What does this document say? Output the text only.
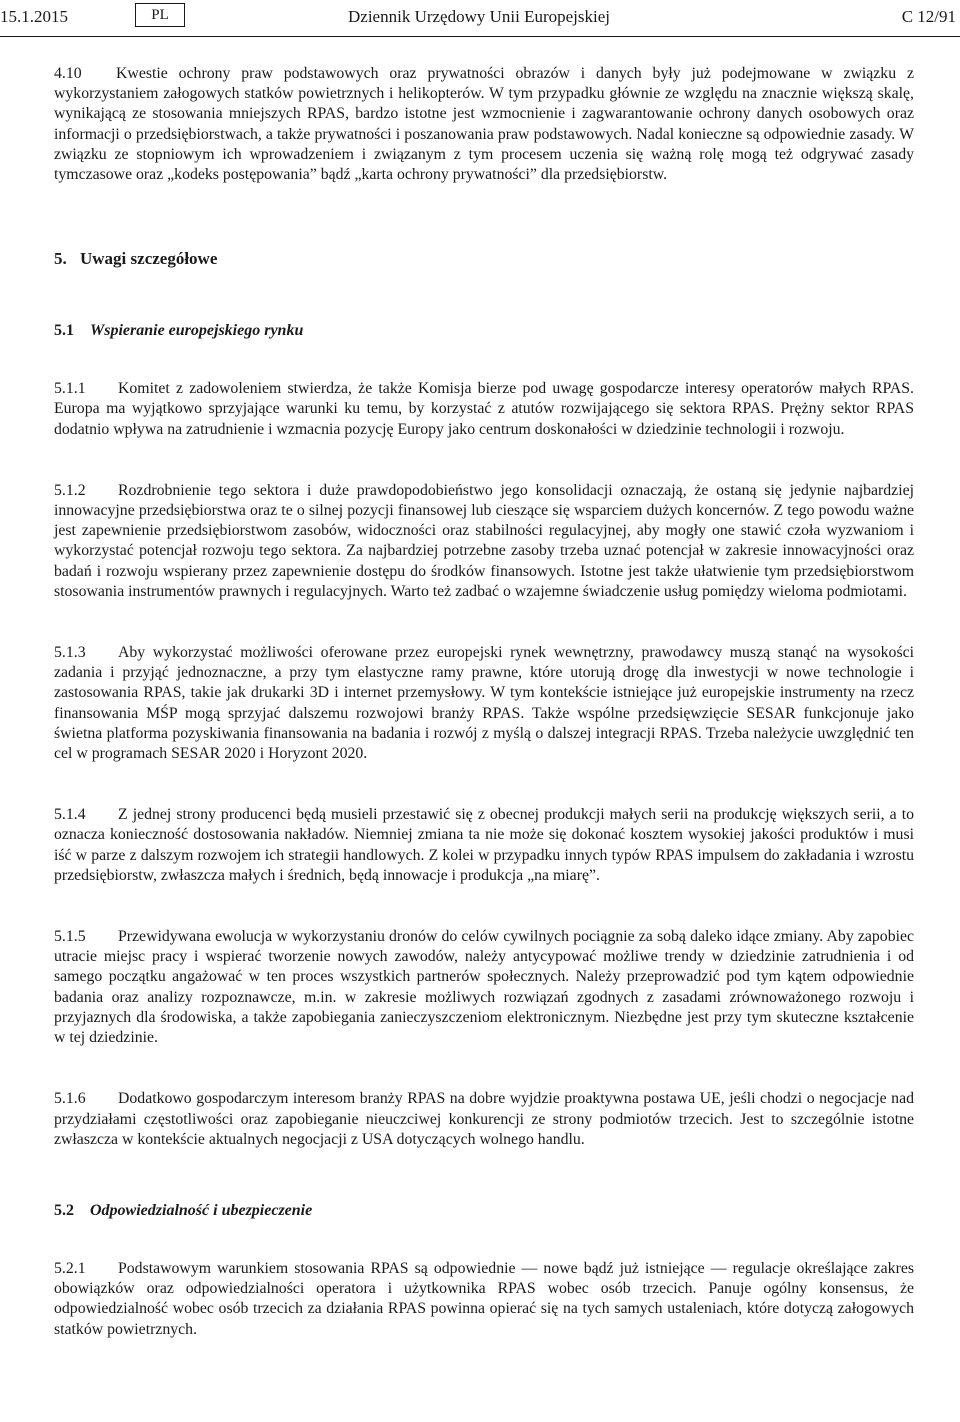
15.1.2015	PL	Dziennik Urzędowy Unii Europejskiej	C 12/91

4.10 Kwestie ochrony praw podstawowych oraz prywatności obrazów i danych były już podejmowane w związku z wykorzystaniem załogowych statków powietrznych i helikopterów. W tym przypadku głównie ze względu na znacznie większą skalę, wynikającą ze stosowania mniejszych RPAS, bardzo istotne jest wzmocnienie i zagwarantowanie ochrony danych osobowych oraz informacji o przedsiębiorstwach, a także prywatności i poszanowania praw podstawowych. Nadal konieczne są odpowiednie zasady. W związku ze stopniowym ich wprowadzeniem i związanym z tym procesem uczenia się ważną rolę mogą też odgrywać zasady tymczasowe oraz „kodeks postępowania” bądź „karta ochrony prywatności” dla przedsiębiorstw.

5. Uwagi szczegółowe
5.1 Wspieranie europejskiego rynku

5.1.1 Komitet z zadowoleniem stwierdza, że także Komisja bierze pod uwagę gospodarcze interesy operatorów małych RPAS. Europa ma wyjątkowo sprzyjające warunki ku temu, by korzystać z atutów rozwijającego się sektora RPAS. Prężny sektor RPAS dodatnio wpływa na zatrudnienie i wzmacnia pozycję Europy jako centrum doskonałości w dziedzinie technologii i rozwoju.

5.1.2 Rozdrobnienie tego sektora i duże prawdopodobieństwo jego konsolidacji oznaczają, że ostaną się jedynie najbardziej innowacyjne przedsiębiorstwa oraz te o silnej pozycji finansowej lub cieszące się wsparciem dużych koncernów. Z tego powodu ważne jest zapewnienie przedsiębiorstwom zasobów, widoczności oraz stabilności regulacyjnej, aby mogły one stawić czoła wyzwaniom i wykorzystać potencjał rozwoju tego sektora. Za najbardziej potrzebne zasoby trzeba uznać potencjał w zakresie innowacyjności oraz badań i rozwoju wspierany przez zapewnienie dostępu do środków finansowych. Istotne jest także ułatwienie tym przedsiębiorstwom stosowania instrumentów prawnych i regulacyjnych. Warto też zadbać o wzajemne świadczenie usług pomiędzy wieloma podmiotami.

5.1.3 Aby wykorzystać możliwości oferowane przez europejski rynek wewnętrzny, prawodawcy muszą stanąć na wysokości zadania i przyjąć jednoznaczne, a przy tym elastyczne ramy prawne, które utorują drogę dla inwestycji w nowe technologie i zastosowania RPAS, takie jak drukarki 3D i internet przemysłowy. W tym kontekście istniejące już europejskie instrumenty na rzecz finansowania MŚP mogą sprzyjać dalszemu rozwojowi branży RPAS. Także wspólne przedsięwzięcie SESAR funkcjonuje jako świetna platforma pozyskiwania finansowania na badania i rozwój z myślą o dalszej integracji RPAS. Trzeba należycie uwzględnić ten cel w programach SESAR 2020 i Horyzont 2020.

5.1.4 Z jednej strony producenci będą musieli przestawić się z obecnej produkcji małych serii na produkcję większych serii, a to oznacza konieczność dostosowania nakładów. Niemniej zmiana ta nie może się dokonać kosztem wysokiej jakości produktów i musi iść w parze z dalszym rozwojem ich strategii handlowych. Z kolei w przypadku innych typów RPAS impulsem do zakładania i wzrostu przedsiębiorstw, zwłaszcza małych i średnich, będą innowacje i produkcja „na miarę”.

5.1.5 Przewidywana ewolucja w wykorzystaniu dronów do celów cywilnych pociągnie za sobą daleko idące zmiany. Aby zapobiec utracie miejsc pracy i wspierać tworzenie nowych zawodów, należy antycypować możliwe trendy w dziedzinie zatrudnienia i od samego początku angażować w ten proces wszystkich partnerów społecznych. Należy przeprowadzić pod tym kątem odpowiednie badania oraz analizy rozpoznawcze, m.in. w zakresie możliwych rozwiązań zgodnych z zasadami zrównoważonego rozwoju i przyjaznych dla środowiska, a także zapobiegania zanieczyszczeniom elektronicznym. Niezbędne jest przy tym skuteczne kształcenie w tej dziedzinie.

5.1.6 Dodatkowo gospodarczym interesom branży RPAS na dobre wyjdzie proaktywna postawa UE, jeśli chodzi o negocjacje nad przydziałami częstotliwości oraz zapobieganie nieuczciwej konkurencji ze strony podmiotów trzecich. Jest to szczególnie istotne zwłaszcza w kontekście aktualnych negocjacji z USA dotyczących wolnego handlu.

5.2 Odpowiedzialność i ubezpieczenie

5.2.1 Podstawowym warunkiem stosowania RPAS są odpowiednie — nowe bądź już istniejące — regulacje określające zakres obowiązków oraz odpowiedzialności operatora i użytkownika RPAS wobec osób trzecich. Panuje ogólny konsensus, że odpowiedzialność wobec osób trzecich za działania RPAS powinna opierać się na tych samych ustaleniach, które dotyczą załogowych statków powietrznych.
